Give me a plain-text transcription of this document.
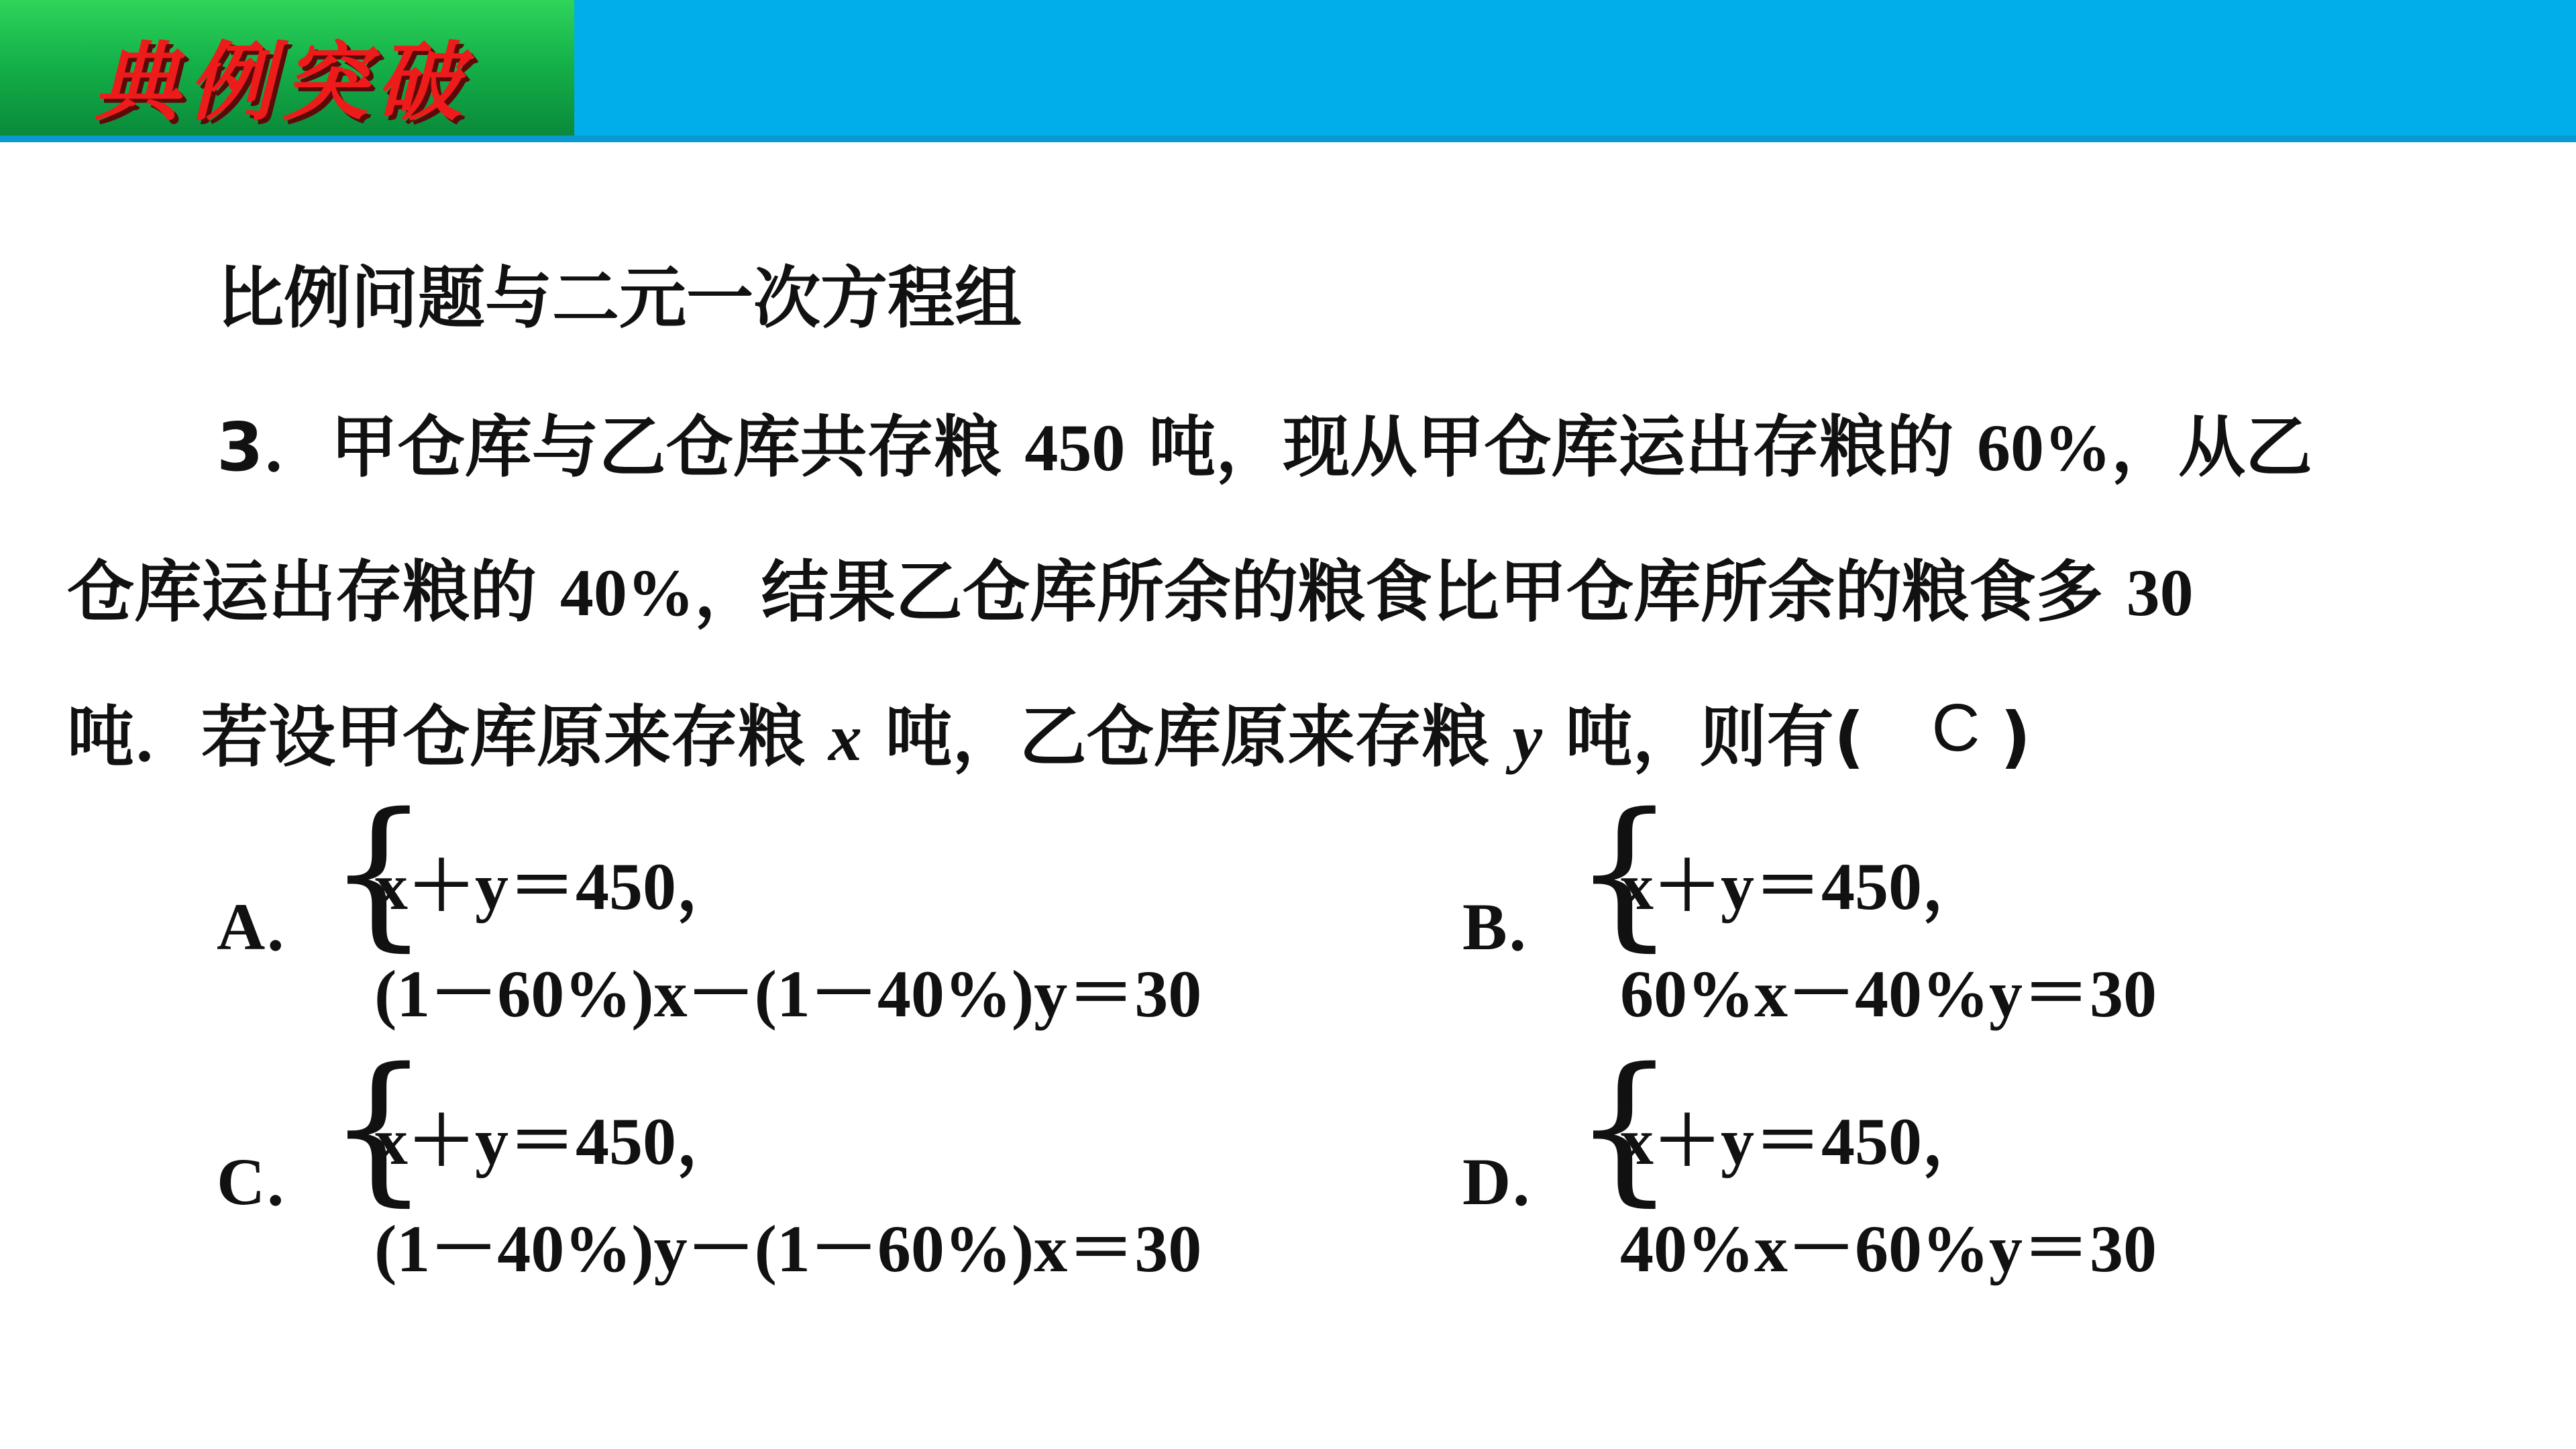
典例突破
比例问题与二元一次方程组
3．甲仓库与乙仓库共存粮 450 吨，现从甲仓库运出存粮的 60%，从乙
仓库运出存粮的 40%，结果乙仓库所余的粮食比甲仓库所余的粮食多 30
吨．若设甲仓库原来存粮 x 吨，乙仓库原来存粮 y 吨，则有( C )
A．
{
x＋y＝450，
(1－60%)x－(1－40%)y＝30
B．
{
x＋y＝450，
60%x－40%y＝30
C．
{
x＋y＝450，
(1－40%)y－(1－60%)x＝30
D．
{
x＋y＝450，
40%x－60%y＝30
